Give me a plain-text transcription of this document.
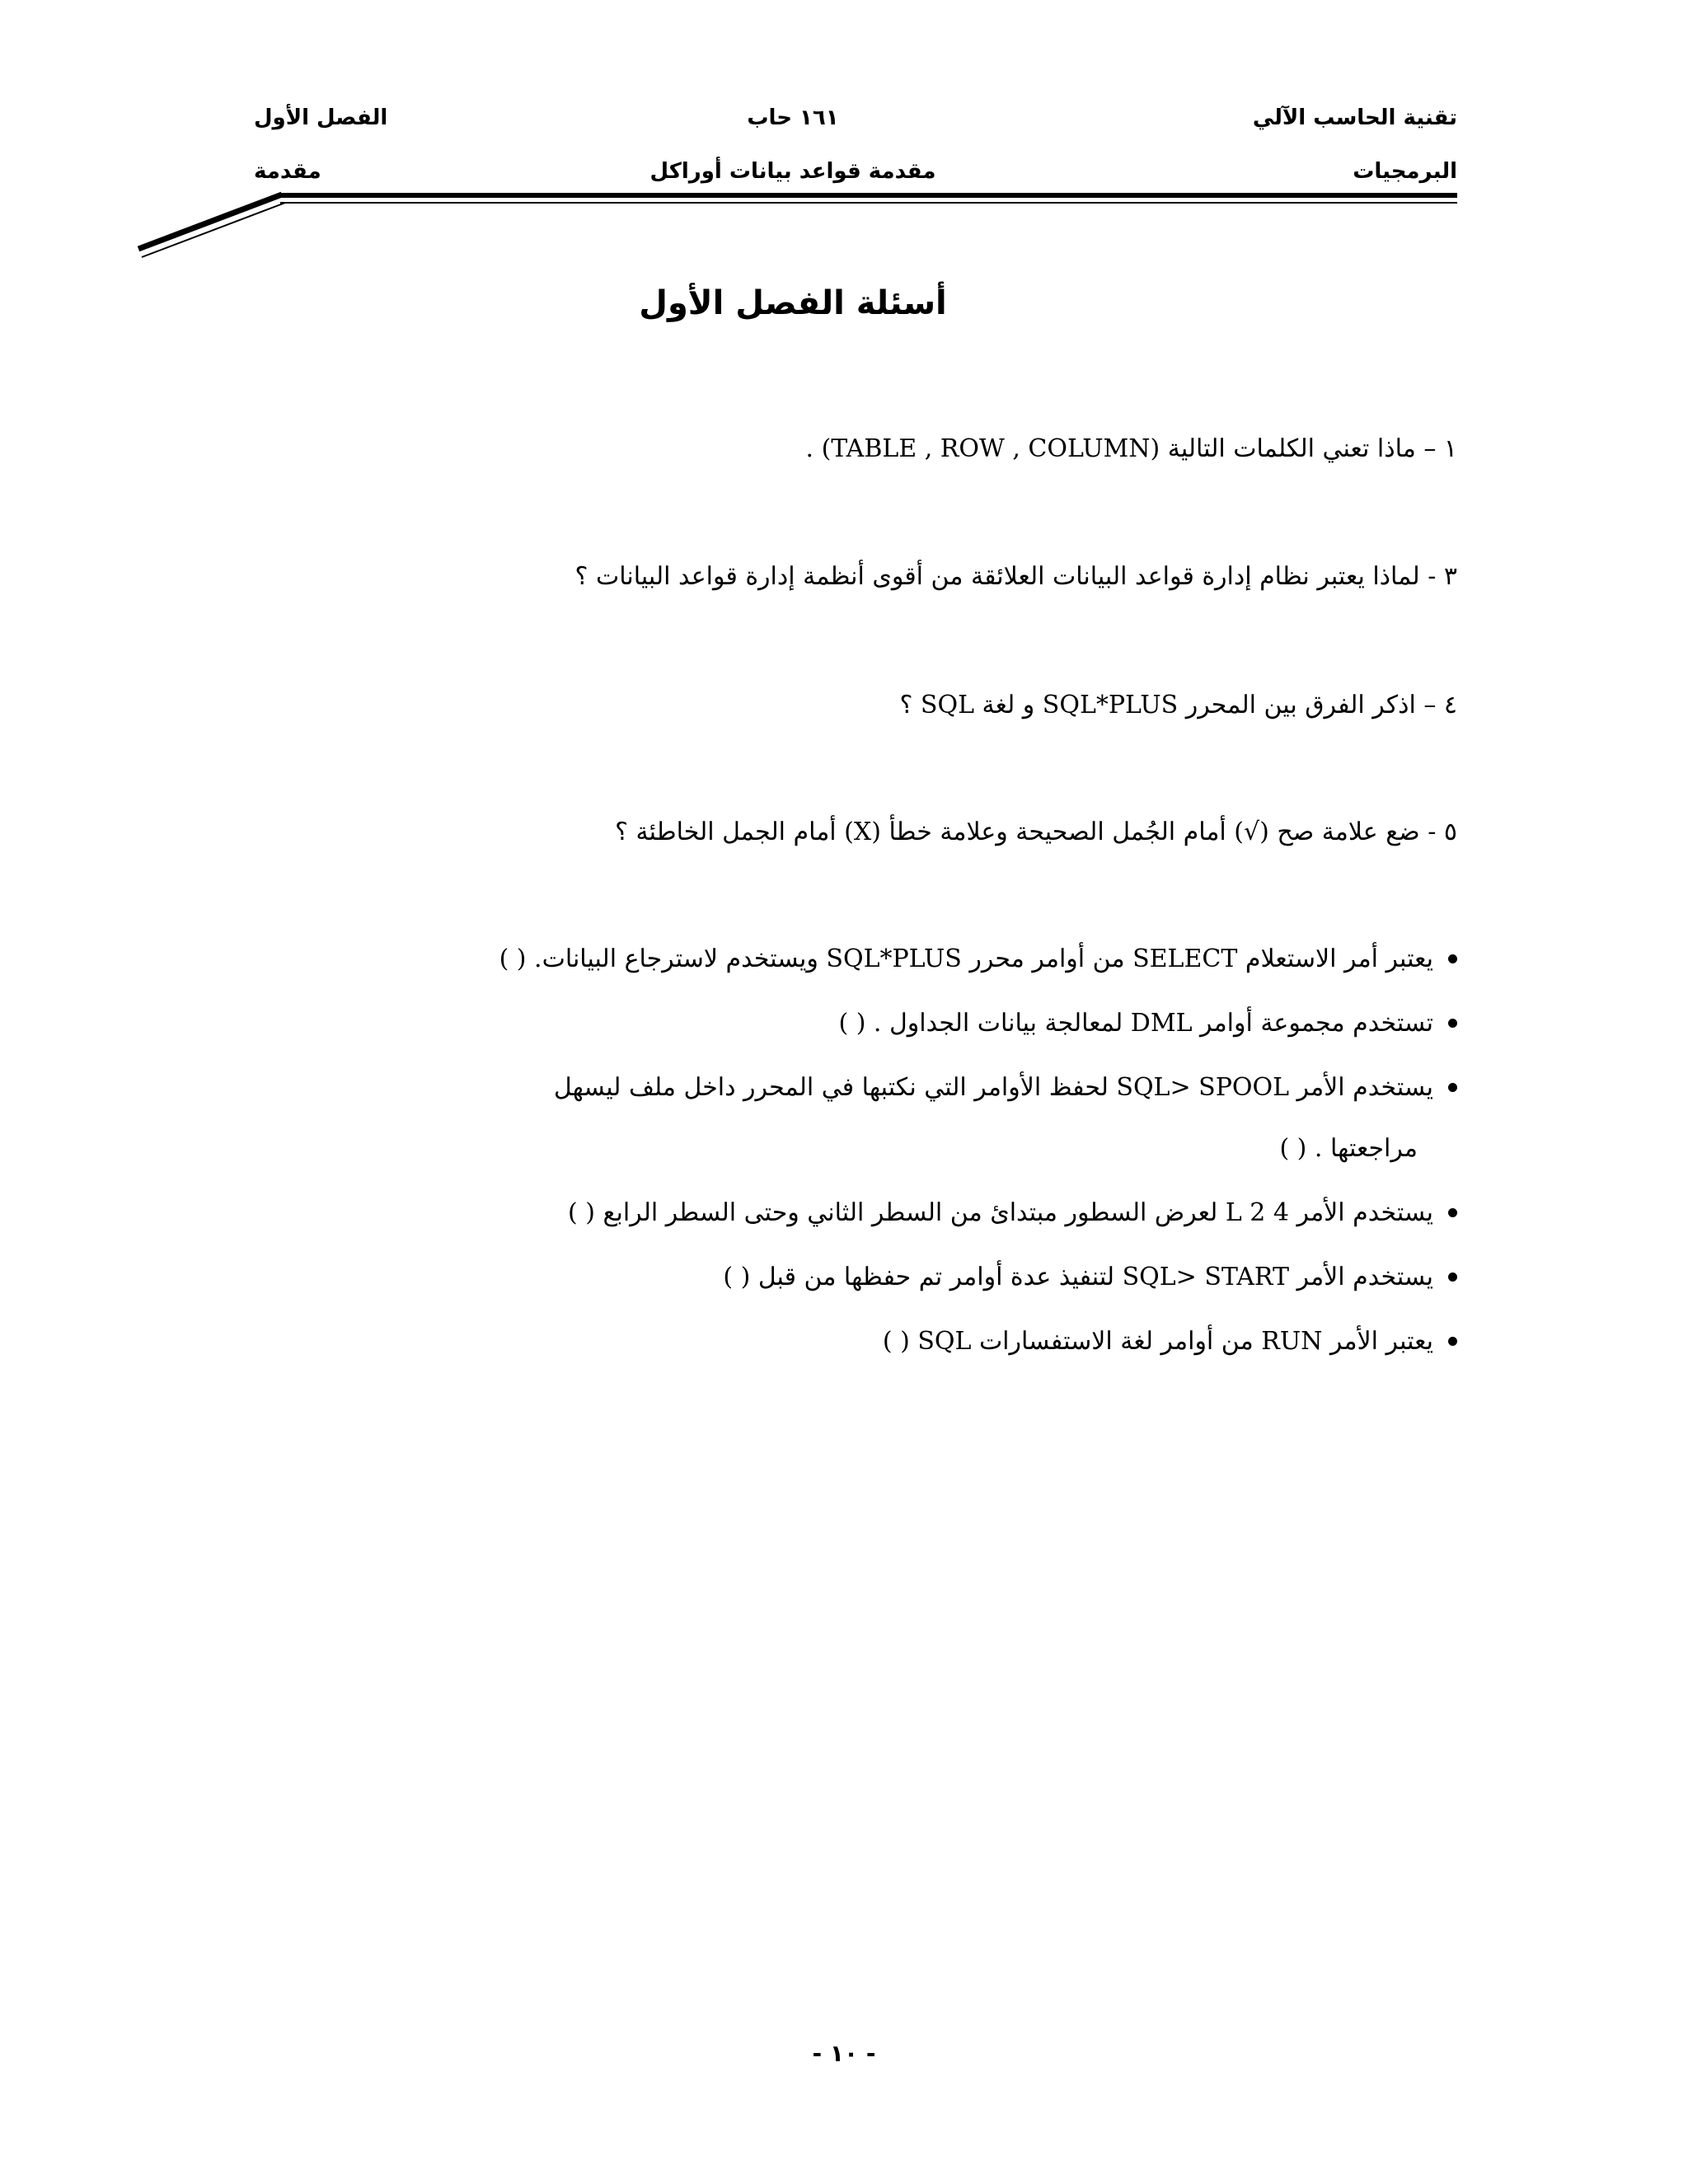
تقنية الحاسب الآلي
البرمجيات
١٦١ حاب
مقدمة قواعد بيانات أوراكل
الفصل الأول
مقدمة
أسئلة الفصل الأول
١ – ماذا تعني الكلمات التالية (TABLE , ROW , COLUMN) .
٣ - لماذا يعتبر نظام إدارة قواعد البيانات العلائقة من أقوى أنظمة إدارة قواعد البيانات ؟
٤ – اذكر الفرق بين المحرر SQL*PLUS و لغة SQL ؟
٥ - ضع علامة صح (√) أمام الجُمل الصحيحة وعلامة خطأ (X) أمام الجمل الخاطئة ؟
يعتبر أمر الاستعلام SELECT من أوامر محرر SQL*PLUS ويستخدم لاسترجاع البيانات. ( )
تستخدم مجموعة أوامر DML لمعالجة بيانات الجداول . ( )
يستخدم الأمر SQL> SPOOL لحفظ الأوامر التي نكتبها في المحرر داخل ملف ليسهل
مراجعتها . ( )
يستخدم الأمر L 2 4 لعرض السطور مبتدائ من السطر الثاني وحتى السطر الرابع ( )
يستخدم الأمر SQL> START لتنفيذ عدة أوامر تم حفظها من قبل ( )
يعتبر الأمر RUN من أوامر لغة الاستفسارات SQL ( )
- ١٠ -
